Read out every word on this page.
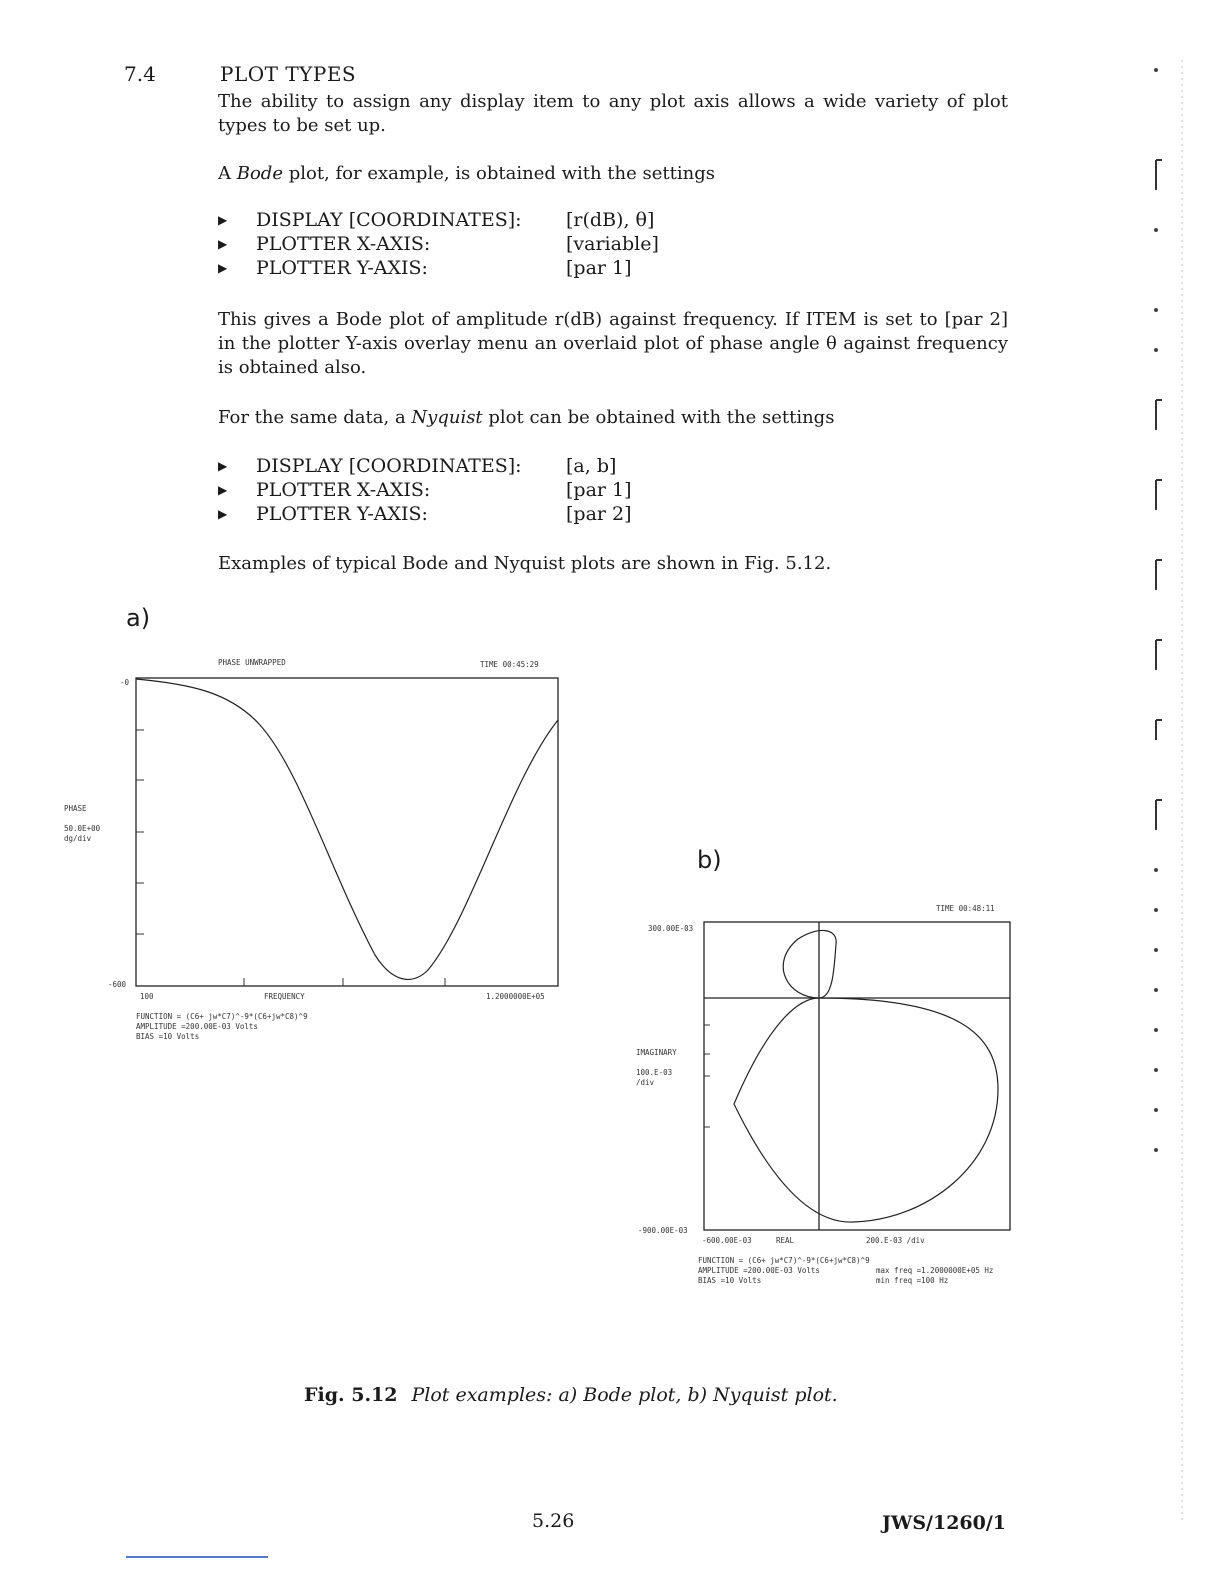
7.4	PLOT TYPES
The ability to assign any display item to any plot axis allows a wide variety of plot types to be set up.
A Bode plot, for example, is obtained with the settings
▶ DISPLAY [COORDINATES]: [r(dB), θ]
▶ PLOTTER X-AXIS:	[variable]
▶ PLOTTER Y-AXIS:	[par 1]
This gives a Bode plot of amplitude r(dB) against frequency. If ITEM is set to [par 2] in the plotter Y-axis overlay menu an overlaid plot of phase angle θ against frequency is obtained also.
For the same data, a Nyquist plot can be obtained with the settings
▶ DISPLAY [COORDINATES]: [a, b]
▶ PLOTTER X-AXIS:	[par 1]
▶ PLOTTER Y-AXIS:	[par 2]
Examples of typical Bode and Nyquist plots are shown in Fig. 5.12.
a)
b)
PHASE UNWRAPPED	TIME 00:45:29
-0
-600
PHASE
50.0E+00
dg/div
100	FREQUENCY	1.2000000E+05
FUNCTION = (C6+ jw*C7)^-9*(C6+jw*C8)^9
AMPLITUDE =200.00E-03 Volts
BIAS =10 Volts
TIME 00:48:11
300.00E-03
-900.00E-03
IMAGINARY
100.E-03
/div
-600.00E-03	REAL	200.E-03 /div
FUNCTION = (C6+ jw*C7)^-9*(C6+jw*C8)^9
AMPLITUDE =200.00E-03 Volts
BIAS =10 Volts
max freq =1.2000000E+05 Hz
min freq =100 Hz
Fig. 5.12 Plot examples: a) Bode plot, b) Nyquist plot.
5.26	JWS/1260/1
